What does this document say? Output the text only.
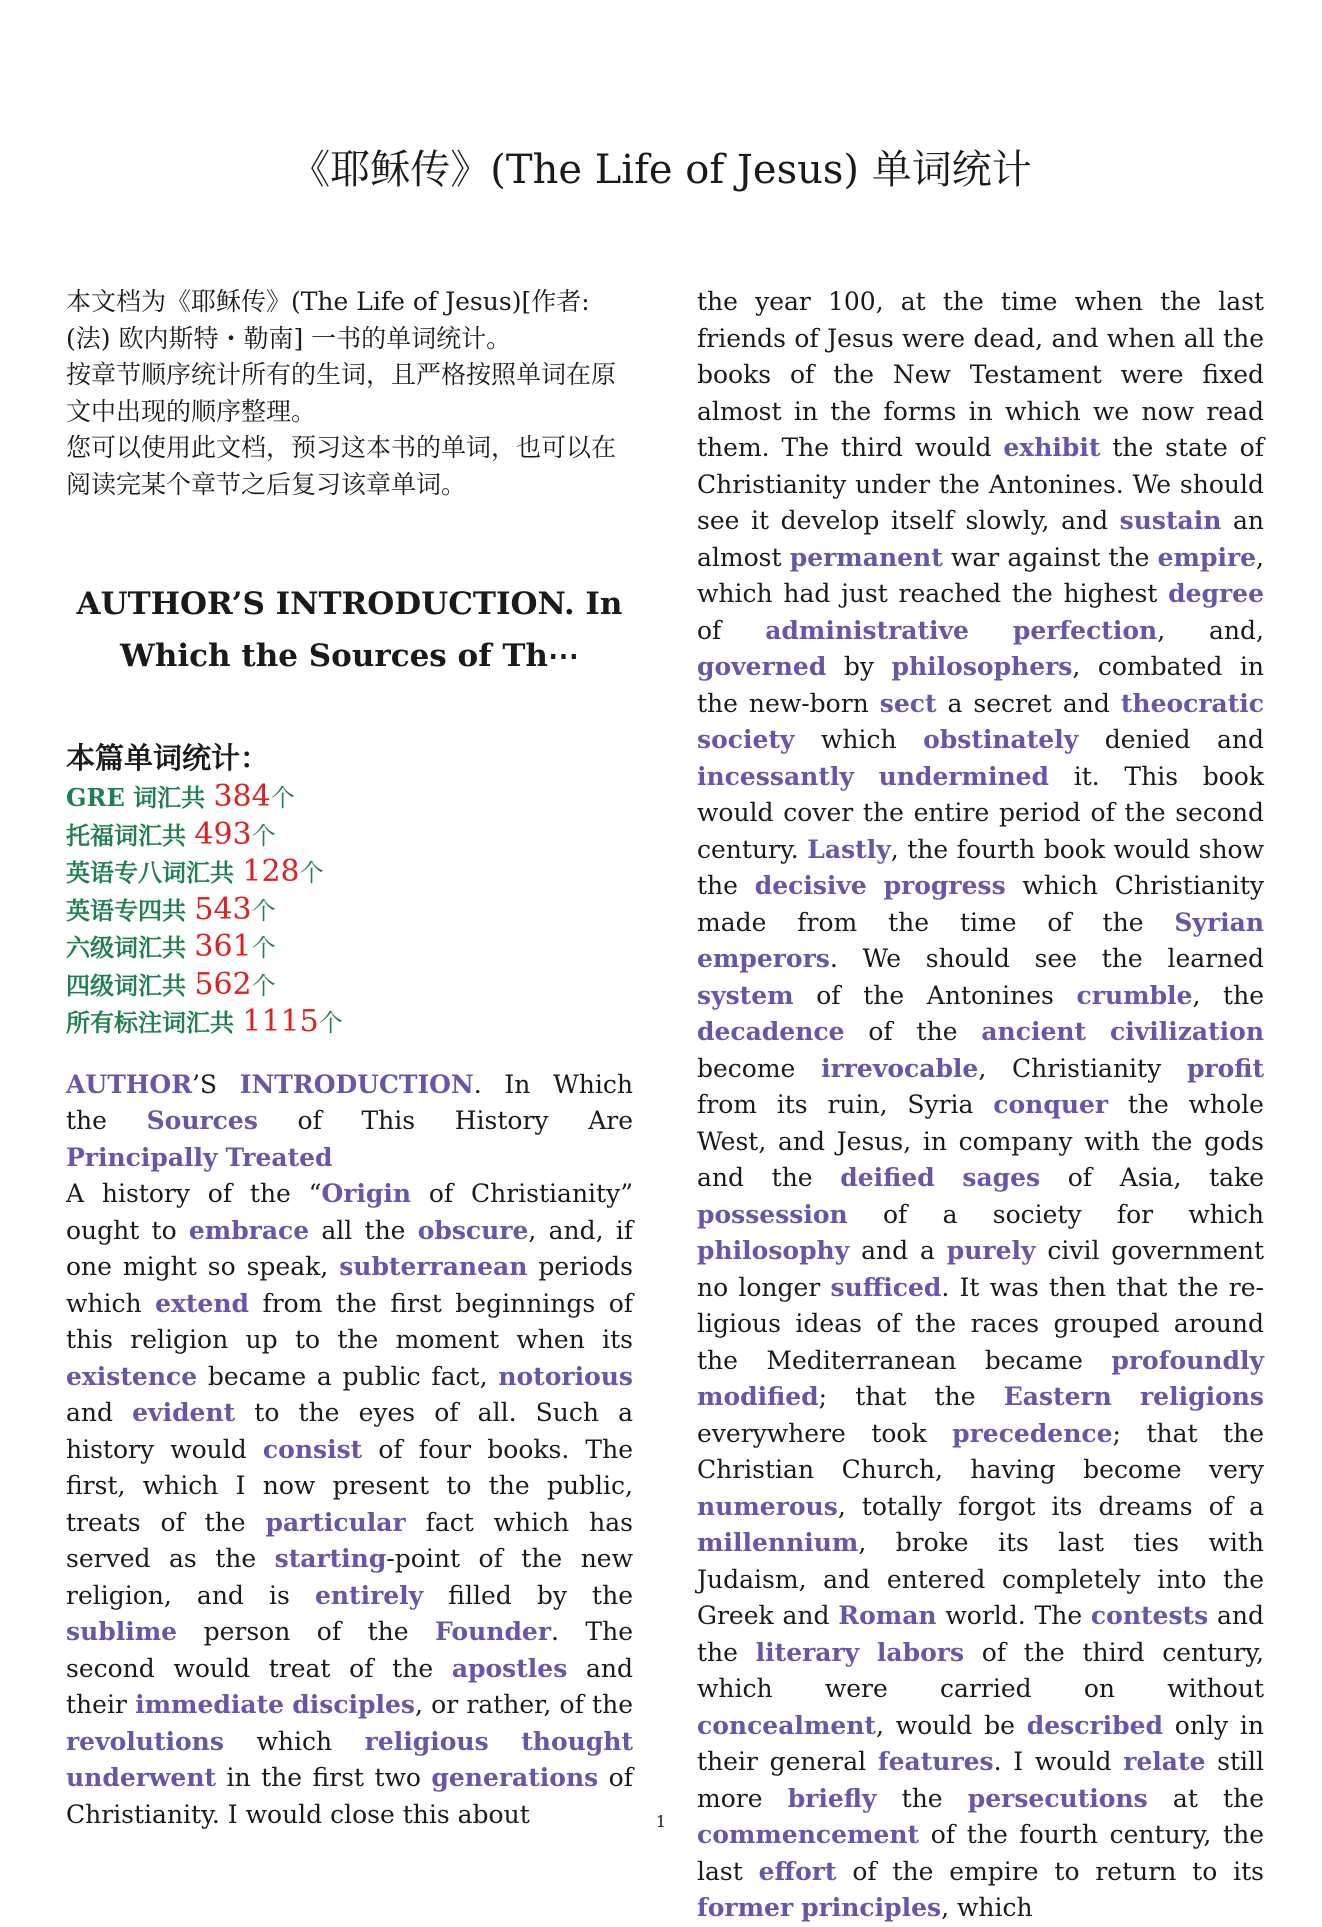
《耶稣传》(The Life of Jesus) 单词统计

本文档为《耶稣传》(The Life of Jesus)[作者:(法) 欧内斯特・勒南] 一书的单词统计。

按章节顺序统计所有的生词，且严格按照单词在原文中出现的顺序整理。

您可以使用此文档，预习这本书的单词，也可以在阅读完某个章节之后复习该章单词。

AUTHOR’S INTRODUCTION. In Which the Sources of Th⋯
本篇单词统计：
GRE 词汇共 384个
托福词汇共 493个
英语专八词汇共 128个
英语专四共 543个
六级词汇共 361个
四级词汇共 562个
所有标注词汇共 1115个

AUTHOR’S INTRODUCTION. In Which the Sources of This History Are Principally Treated

A history of the “Origin of Christianity” ought to embrace all the obscure, and, if one might so speak, subterranean periods which extend from the first beginnings of this religion up to the moment when its existence became a public fact, notorious and evident to the eyes of all. Such a history would consist of four books. The first, which I now present to the public, treats of the particular fact which has served as the starting-point of the new religion, and is entirely filled by the sublime person of the Founder. The second would treat of the apostles and their immediate disciples, or rather, of the revolutions which religious thought underwent in the first two generations of Christianity. I would close this about

the year 100, at the time when the last friends of Jesus were dead, and when all the books of the New Testament were fixed almost in the forms in which we now read them. The third would exhibit the state of Christianity under the Antonines. We should see it develop itself slowly, and sustain an almost permanent war against the empire, which had just reached the highest degree of administrative perfection, and, governed by philosophers, combated in the new-born sect a secret and theocratic society which obstinately denied and incessantly undermined it. This book would cover the entire period of the second century. Lastly, the fourth book would show the decisive progress which Christianity made from the time of the Syrian emperors. We should see the learned system of the Antonines crumble, the decadence of the ancient civilization become irrevocable, Christianity profit from its ruin, Syria conquer the whole West, and Jesus, in company with the gods and the deified sages of Asia, take possession of a society for which philosophy and a purely civil government no longer sufficed. It was then that the religious ideas of the races grouped around the Mediterranean became profoundly modified; that the Eastern religions everywhere took precedence; that the Christian Church, having become very numerous, totally forgot its dreams of a millennium, broke its last ties with Judaism, and entered completely into the Greek and Roman world. The contests and the literary labors of the third century, which were carried on without concealment, would be described only in their general features. I would relate still more briefly the persecutions at the commencement of the fourth century, the last effort of the empire to return to its former principles, which

1
